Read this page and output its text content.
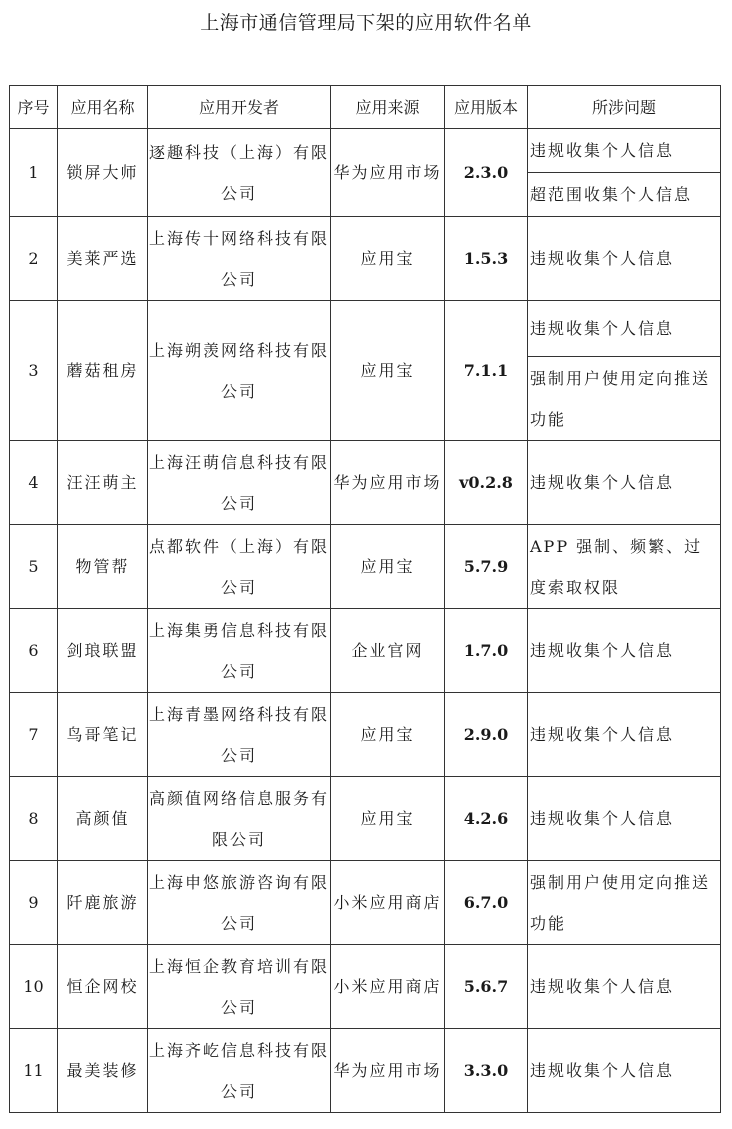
上海市通信管理局下架的应用软件名单
序号	应用名称	应用开发者	应用来源	应用版本	所涉问题
1	锁屏大师	逐趣科技（上海）有限公司	华为应用市场	2.3.0	违规收集个人信息
					超范围收集个人信息
2	美莱严选	上海传十网络科技有限公司	应用宝	1.5.3	违规收集个人信息
3	蘑菇租房	上海朔羡网络科技有限公司	应用宝	7.1.1	违规收集个人信息
					强制用户使用定向推送功能
4	汪汪萌主	上海汪萌信息科技有限公司	华为应用市场	v0.2.8	违规收集个人信息
5	物管帮	点都软件（上海）有限公司	应用宝	5.7.9	APP 强制、频繁、过度索取权限
6	剑琅联盟	上海集勇信息科技有限公司	企业官网	1.7.0	违规收集个人信息
7	鸟哥笔记	上海青墨网络科技有限公司	应用宝	2.9.0	违规收集个人信息
8	高颜值	高颜值网络信息服务有限公司	应用宝	4.2.6	违规收集个人信息
9	阡鹿旅游	上海申悠旅游咨询有限公司	小米应用商店	6.7.0	强制用户使用定向推送功能
10	恒企网校	上海恒企教育培训有限公司	小米应用商店	5.6.7	违规收集个人信息
11	最美装修	上海齐屹信息科技有限公司	华为应用市场	3.3.0	违规收集个人信息
